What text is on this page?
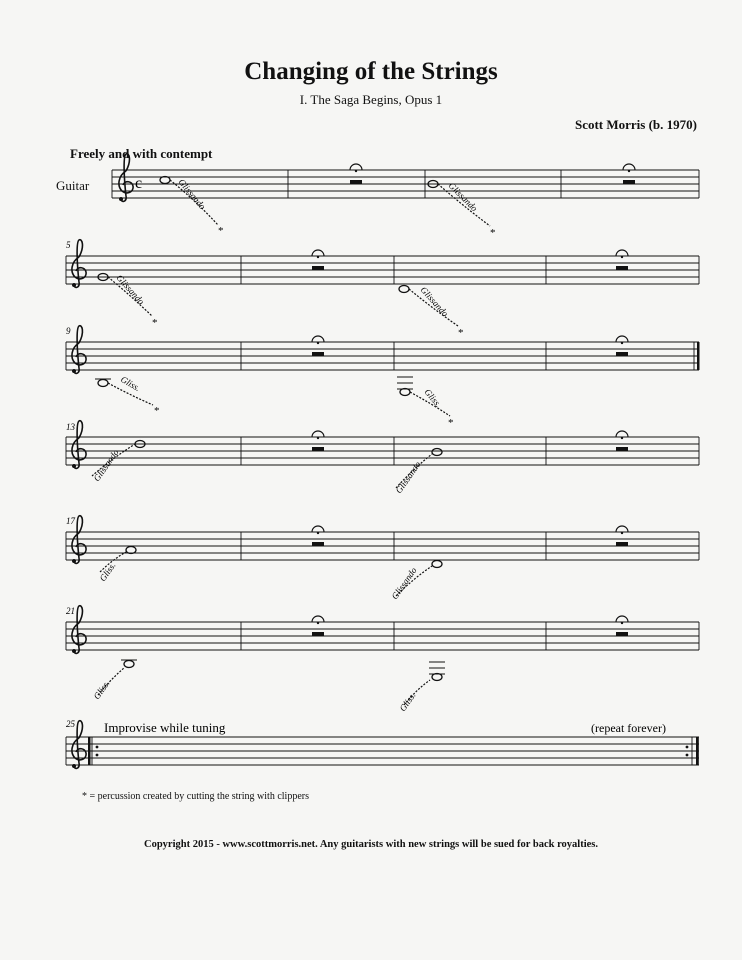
Changing of the Strings
I. The Saga Begins, Opus 1
Scott Morris (b. 1970)
Freely and with contempt
Guitar	c	Glissando
*
Glissando
*
5
Glissando
*
Glissando
*
9
Gliss.
*
Gliss.
*
13
Glissando	Glissando
17
Gliss.	Glissando
21
Gliss.
Gliss.
25 Improvise while tuning	(repeat forever)
* = percussion created by cutting the string with clippers
Copyright 2015 - www.scottmorris.net. Any guitarists with new strings will be sued for back royalties.
